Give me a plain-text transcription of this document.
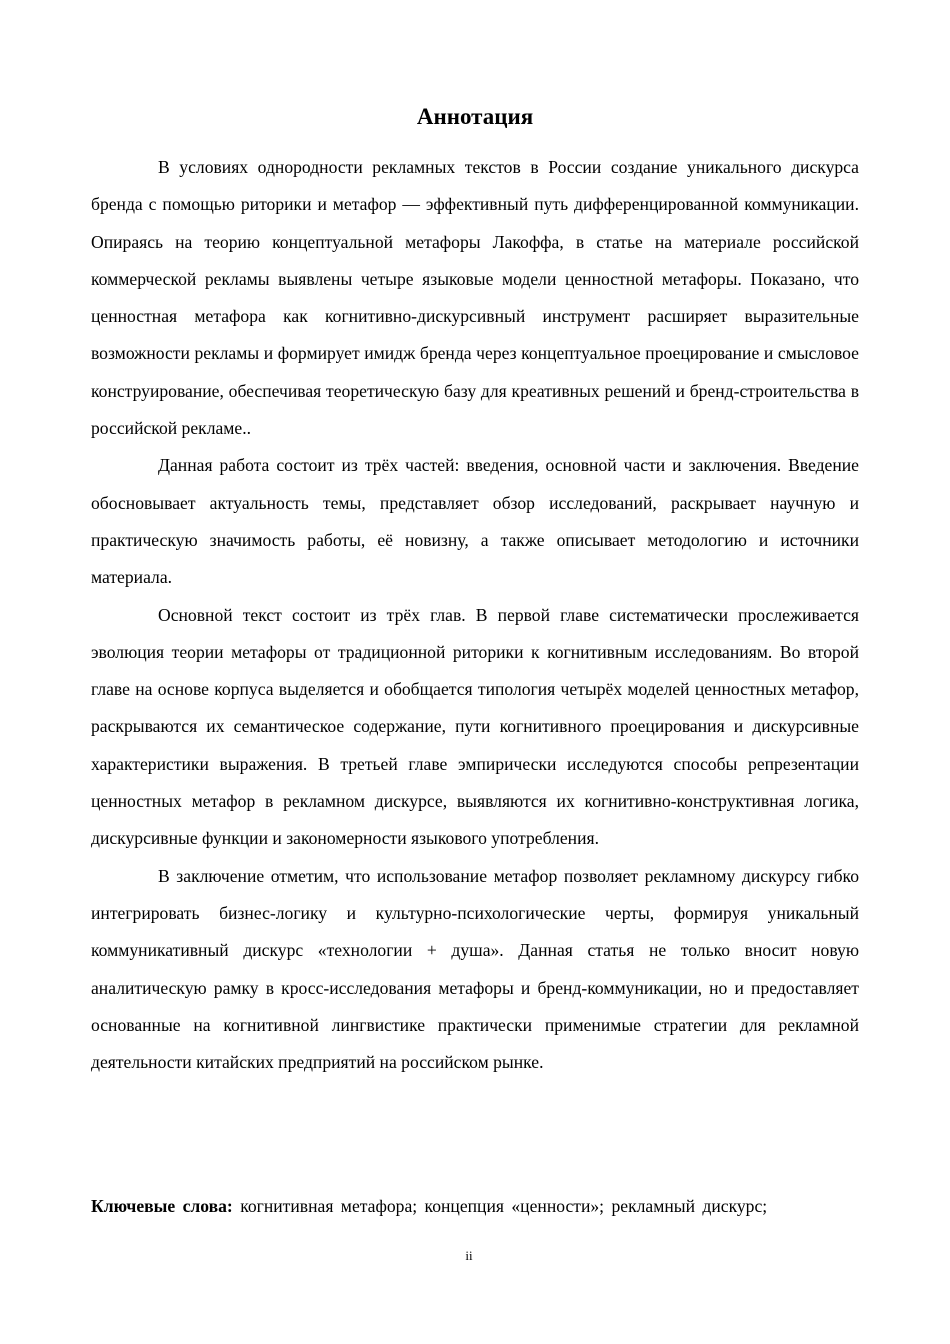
Аннотация

В условиях однородности рекламных текстов в России создание уникального дискурса бренда с помощью риторики и метафор — эффективный путь дифференцированной коммуникации. Опираясь на теорию концептуальной метафоры Лакоффа, в статье на материале российской коммерческой рекламы выявлены четыре языковые модели ценностной метафоры. Показано, что ценностная метафора как когнитивно-дискурсивный инструмент расширяет выразительные возможности рекламы и формирует имидж бренда через концептуальное проецирование и смысловое конструирование, обеспечивая теоретическую базу для креативных решений и бренд-строительства в российской рекламе..

Данная работа состоит из трёх частей: введения, основной части и заключения. Введение обосновывает актуальность темы, представляет обзор исследований, раскрывает научную и практическую значимость работы, её новизну, а также описывает методологию и источники материала.

Основной текст состоит из трёх глав. В первой главе систематически прослеживается эволюция теории метафоры от традиционной риторики к когнитивным исследованиям. Во второй главе на основе корпуса выделяется и обобщается типология четырёх моделей ценностных метафор, раскрываются их семантическое содержание, пути когнитивного проецирования и дискурсивные характеристики выражения. В третьей главе эмпирически исследуются способы репрезентации ценностных метафор в рекламном дискурсе, выявляются их когнитивно-конструктивная логика, дискурсивные функции и закономерности языкового употребления.

В заключение отметим, что использование метафор позволяет рекламному дискурсу гибко интегрировать бизнес-логику и культурно-психологические черты, формируя уникальный коммуникативный дискурс «технологии + душа». Данная статья не только вносит новую аналитическую рамку в кросс-исследования метафоры и бренд-коммуникации, но и предоставляет основанные на когнитивной лингвистике практически применимые стратегии для рекламной деятельности китайских предприятий на российском рынке.

Ключевые слова: когнитивная метафора; концепция «ценности»; рекламный дискурс;
ii
